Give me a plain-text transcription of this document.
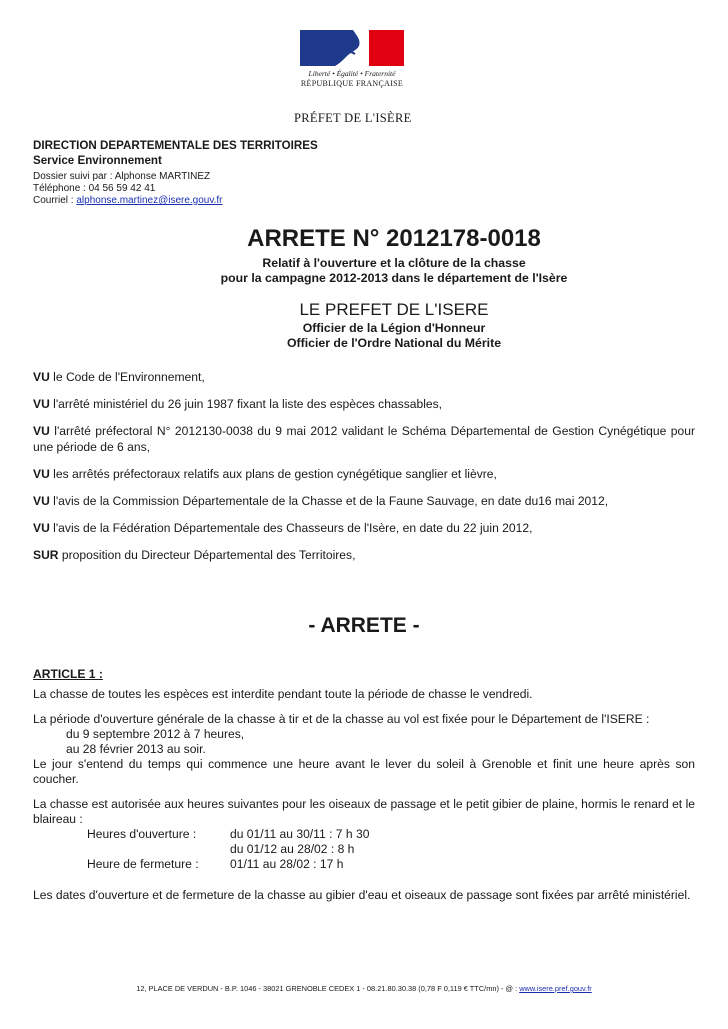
Liberté • Égalité • Fraternité
RÉPUBLIQUE FRANÇAISE
PRÉFET DE L'ISÈRE
DIRECTION DEPARTEMENTALE DES TERRITOIRES
Service Environnement
Dossier suivi par : Alphonse MARTINEZ
Téléphone : 04 56 59 42 41
Courriel : alphonse.martinez@isere.gouv.fr
ARRETE N° 2012178-0018
Relatif à l'ouverture et la clôture de la chasse
pour la campagne 2012-2013 dans le département de l'Isère
LE PREFET DE L'ISERE
Officier de la Légion d'Honneur
Officier de l'Ordre National du Mérite

VU le Code de l'Environnement,

VU l'arrêté ministériel du 26 juin 1987 fixant la liste des espèces chassables,

VU l'arrêté préfectoral N° 2012130-0038 du 9 mai 2012 validant le Schéma Départemental de Gestion Cynégétique pour une période de 6 ans,

VU les arrêtés préfectoraux relatifs aux plans de gestion cynégétique sanglier et lièvre,

VU l'avis de la Commission Départementale de la Chasse et de la Faune Sauvage, en date du16 mai 2012,

VU l'avis de la Fédération Départementale des Chasseurs de l'Isère, en date du 22 juin 2012,

SUR proposition du Directeur Départemental des Territoires,

- ARRETE -
ARTICLE 1 :

La chasse de toutes les espèces est interdite pendant toute la période de chasse le vendredi.

La période d'ouverture générale de la chasse à tir et de la chasse au vol est fixée pour le Département de l'ISERE :

du 9 septembre 2012 à 7 heures,
au 28 février 2013 au soir.

Le jour s'entend du temps qui commence une heure avant le lever du soleil à Grenoble et finit une heure après son coucher.

La chasse est autorisée aux heures suivantes pour les oiseaux de passage et le petit gibier de plaine, hormis le renard et le blaireau :

Heures d'ouverture :	du 01/11 au 30/11 : 7 h 30
du 01/12 au 28/02 : 8 h
Heure de fermeture :	01/11 au 28/02 : 17 h

Les dates d'ouverture et de fermeture de la chasse au gibier d'eau et oiseaux de passage sont fixées par arrêté ministériel.

12, PLACE DE VERDUN - B.P. 1046 - 38021 GRENOBLE CEDEX 1 - 08.21.80.30.38 (0,78 F 0,119 € TTC/mn) - @ : www.isere.pref.gouv.fr
